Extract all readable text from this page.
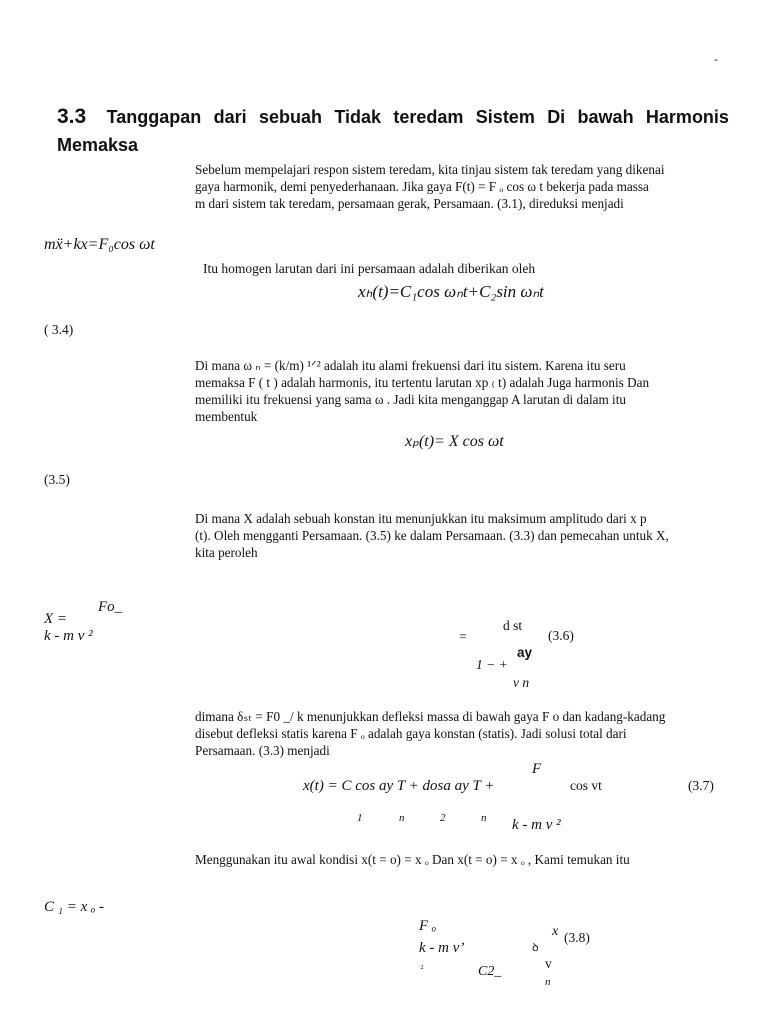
-
3.3 Tanggapan dari sebuah Tidak teredam Sistem Di bawah Harmonis
Memaksa

Sebelum mempelajari respon sistem teredam, kita tinjau sistem tak teredam yang dikenai

gaya harmonik, demi penyederhanaan. Jika gaya F(t) = F ₒ cos ω t bekerja pada massa

m dari sistem tak teredam, persamaan gerak, Persamaan. (3.1), direduksi menjadi

mẍ+kx=F₀cos ωt
Itu homogen larutan dari ini persamaan adalah diberikan oleh
xₕ(t)=C₁cos ωₙt+C₂sin ωₙt
( 3.4)

Di mana ω ₙ = (k/m) ¹ᐟ² adalah itu alami frekuensi dari itu sistem. Karena itu seru

memaksa F ( t ) adalah harmonis, itu tertentu larutan xp ₍ t) adalah Juga harmonis Dan

memiliki itu frekuensi yang sama ω . Jadi kita menganggap A larutan di dalam itu

membentuk

xₚ(t)= X cos ωt
(3.5)

Di mana X adalah sebuah konstan itu menunjukkan itu maksimum amplitudo dari x p

(t). Oleh mengganti Persamaan. (3.5) ke dalam Persamaan. (3.3) dan pemecahan untuk X,

kita peroleh

Fo_
X =
k - m v ²	=
d st
(3.6)
ay
1 − +
v n

dimana δₛₜ = F0 _/ k menunjukkan defleksi massa di bawah gaya F o dan kadang-kadang

disebut defleksi statis karena F ₒ adalah gaya konstan (statis). Jadi solusi total dari

Persamaan. (3.3) menjadi

F
x(t) = C cos ay T + dosa ay T +	cos vt	(3.7)
1	n	2	n k - m v ²

Menggunakan itu awal kondisi x(t = o) = x ₒ Dan x(t = o) = x ₒ , Kami temukan itu

C ₁ = x ₒ -
F ₒ	x (3.8)
k - m v’	ꝺ
₂	v
C2_
n
